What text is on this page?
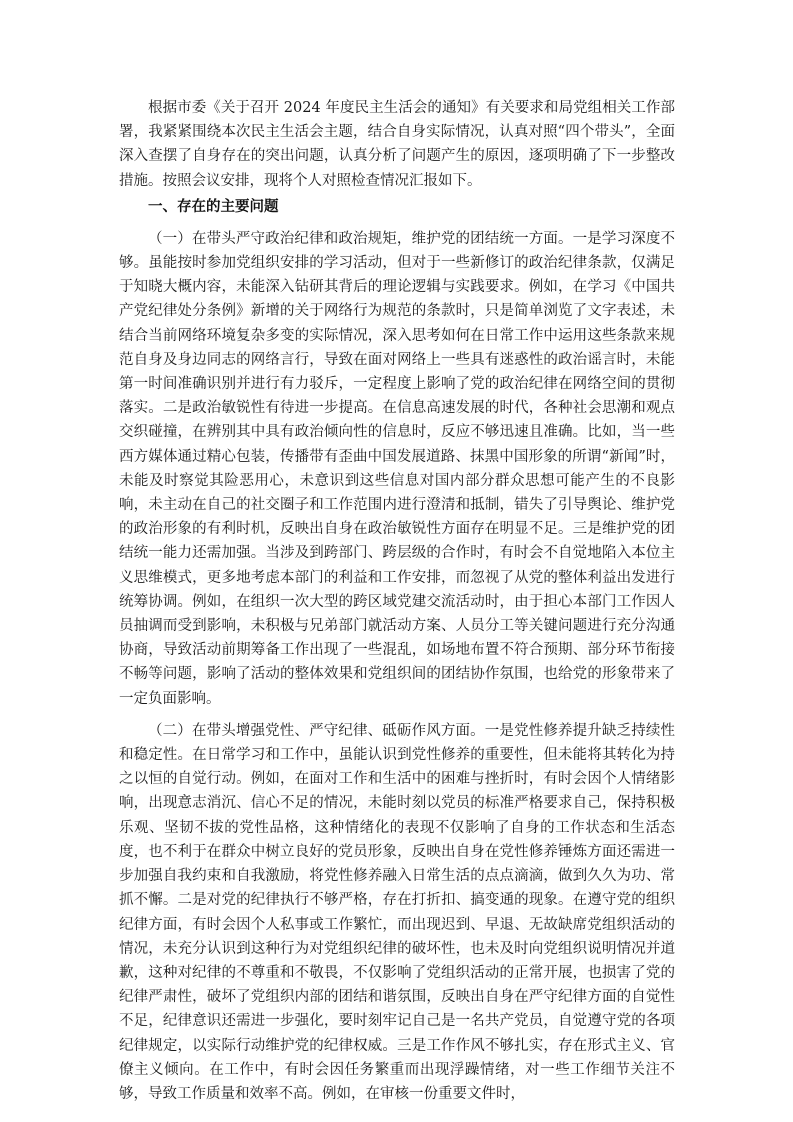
根据市委《关于召开 2024 年度民主生活会的通知》有关要求和局党组相关工作部署，我紧紧围绕本次民主生活会主题，结合自身实际情况，认真对照“四个带头”，全面深入查摆了自身存在的突出问题，认真分析了问题产生的原因，逐项明确了下一步整改措施。按照会议安排，现将个人对照检查情况汇报如下。

一、存在的主要问题

（一）在带头严守政治纪律和政治规矩，维护党的团结统一方面。一是学习深度不够。虽能按时参加党组织安排的学习活动，但对于一些新修订的政治纪律条款，仅满足于知晓大概内容，未能深入钻研其背后的理论逻辑与实践要求。例如，在学习《中国共产党纪律处分条例》新增的关于网络行为规范的条款时，只是简单浏览了文字表述，未结合当前网络环境复杂多变的实际情况，深入思考如何在日常工作中运用这些条款来规范自身及身边同志的网络言行，导致在面对网络上一些具有迷惑性的政治谣言时，未能第一时间准确识别并进行有力驳斥，一定程度上影响了党的政治纪律在网络空间的贯彻落实。二是政治敏锐性有待进一步提高。在信息高速发展的时代，各种社会思潮和观点交织碰撞，在辨别其中具有政治倾向性的信息时，反应不够迅速且准确。比如，当一些西方媒体通过精心包装，传播带有歪曲中国发展道路、抹黑中国形象的所谓“新闻”时，未能及时察觉其险恶用心，未意识到这些信息对国内部分群众思想可能产生的不良影响，未主动在自己的社交圈子和工作范围内进行澄清和抵制，错失了引导舆论、维护党的政治形象的有利时机，反映出自身在政治敏锐性方面存在明显不足。三是维护党的团结统一能力还需加强。当涉及到跨部门、跨层级的合作时，有时会不自觉地陷入本位主义思维模式，更多地考虑本部门的利益和工作安排，而忽视了从党的整体利益出发进行统筹协调。例如，在组织一次大型的跨区域党建交流活动时，由于担心本部门工作因人员抽调而受到影响，未积极与兄弟部门就活动方案、人员分工等关键问题进行充分沟通协商，导致活动前期筹备工作出现了一些混乱，如场地布置不符合预期、部分环节衔接不畅等问题，影响了活动的整体效果和党组织间的团结协作氛围，也给党的形象带来了一定负面影响。

（二）在带头增强党性、严守纪律、砥砺作风方面。一是党性修养提升缺乏持续性和稳定性。在日常学习和工作中，虽能认识到党性修养的重要性，但未能将其转化为持之以恒的自觉行动。例如，在面对工作和生活中的困难与挫折时，有时会因个人情绪影响，出现意志消沉、信心不足的情况，未能时刻以党员的标准严格要求自己，保持积极乐观、坚韧不拔的党性品格，这种情绪化的表现不仅影响了自身的工作状态和生活态度，也不利于在群众中树立良好的党员形象，反映出自身在党性修养锤炼方面还需进一步加强自我约束和自我激励，将党性修养融入日常生活的点点滴滴，做到久久为功、常抓不懈。二是对党的纪律执行不够严格，存在打折扣、搞变通的现象。在遵守党的组织纪律方面，有时会因个人私事或工作繁忙，而出现迟到、早退、无故缺席党组织活动的情况，未充分认识到这种行为对党组织纪律的破坏性，也未及时向党组织说明情况并道歉，这种对纪律的不尊重和不敬畏，不仅影响了党组织活动的正常开展，也损害了党的纪律严肃性，破坏了党组织内部的团结和谐氛围，反映出自身在严守纪律方面的自觉性不足，纪律意识还需进一步强化，要时刻牢记自己是一名共产党员，自觉遵守党的各项纪律规定，以实际行动维护党的纪律权威。三是工作作风不够扎实，存在形式主义、官僚主义倾向。在工作中，有时会因任务繁重而出现浮躁情绪，对一些工作细节关注不够，导致工作质量和效率不高。例如，在审核一份重要文件时，
